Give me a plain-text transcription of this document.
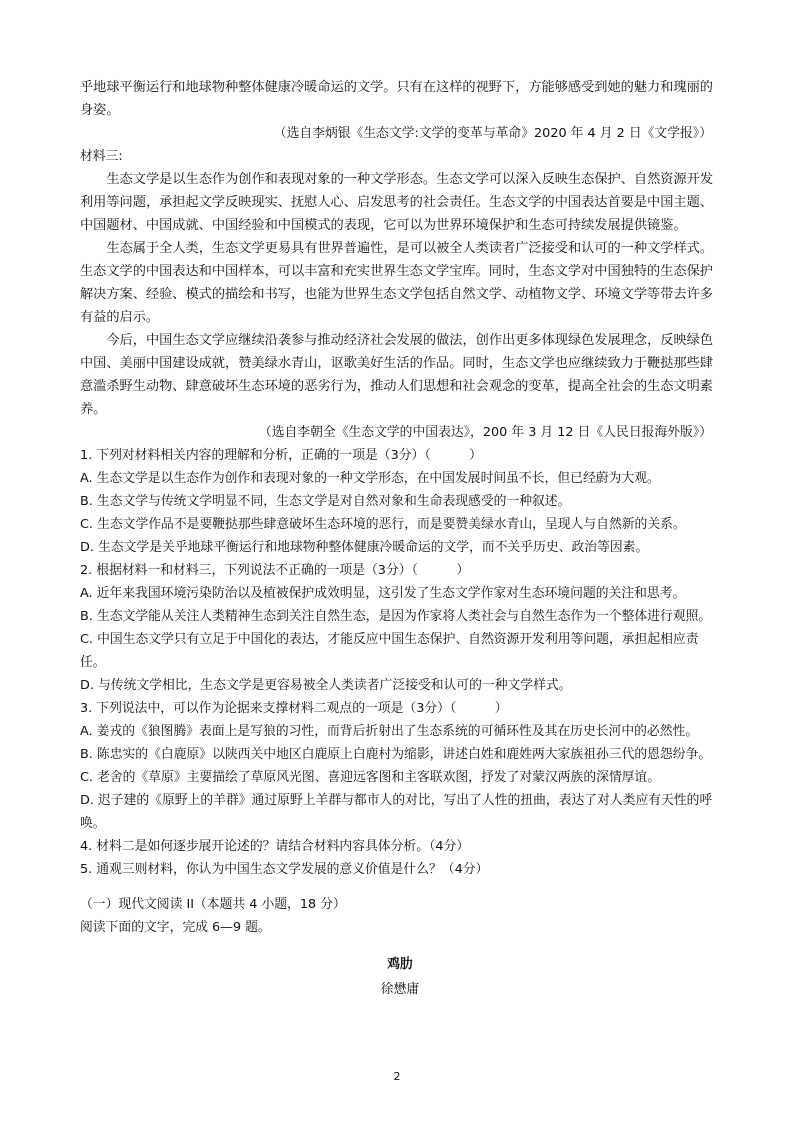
乎地球平衡运行和地球物种整体健康冷暖命运的文学。只有在这样的视野下，方能够感受到她的魅力和瑰丽的身姿。

（选自李炳银《生态文学:文学的变革与革命》2020 年 4 月 2 日《文学报》）

材料三:

生态文学是以生态作为创作和表现对象的一种文学形态。生态文学可以深入反映生态保护、自然资源开发利用等问题，承担起文学反映现实、抚慰人心、启发思考的社会责任。生态文学的中国表达首要是中国主题、中国题材、中国成就、中国经验和中国模式的表现，它可以为世界环境保护和生态可持续发展提供镜鉴。

生态属于全人类，生态文学更易具有世界普遍性，是可以被全人类读者广泛接受和认可的一种文学样式。生态文学的中国表达和中国样本，可以丰富和充实世界生态文学宝库。同时，生态文学对中国独特的生态保护解决方案、经验、模式的描绘和书写，也能为世界生态文学包括自然文学、动植物文学、环境文学等带去许多有益的启示。

今后，中国生态文学应继续沿袭参与推动经济社会发展的做法，创作出更多体现绿色发展理念，反映绿色中国、美丽中国建设成就，赞美绿水青山，讴歌美好生活的作品。同时，生态文学也应继续致力于鞭挞那些肆意滥杀野生动物、肆意破坏生态环境的恶劣行为，推动人们思想和社会观念的变革，提高全社会的生态文明素养。

（选自李朝全《生态文学的中国表达》，200 年 3 月 12 日《人民日报海外版》）

1. 下列对材料相关内容的理解和分析，正确的一项是（3分）（　　　）

A. 生态文学是以生态作为创作和表现对象的一种文学形态，在中国发展时间虽不长，但已经蔚为大观。

B. 生态文学与传统文学明显不同，生态文学是对自然对象和生命表现感受的一种叙述。

C. 生态文学作品不是要鞭挞那些肆意破坏生态环境的恶行，而是要赞美绿水青山，呈现人与自然新的关系。

D. 生态文学是关乎地球平衡运行和地球物种整体健康冷暖命运的文学，而不关乎历史、政治等因素。

2. 根据材料一和材料三，下列说法不正确的一项是（3分）（　　　）

A. 近年来我国环境污染防治以及植被保护成效明显，这引发了生态文学作家对生态环境问题的关注和思考。

B. 生态文学能从关注人类精神生态到关注自然生态，是因为作家将人类社会与自然生态作为一个整体进行观照。

C. 中国生态文学只有立足于中国化的表达，才能反应中国生态保护、自然资源开发利用等问题，承担起相应责任。

D. 与传统文学相比，生态文学是更容易被全人类读者广泛接受和认可的一种文学样式。

3. 下列说法中，可以作为论据来支撑材料二观点的一项是（3分）（　　　）

A. 姜戎的《狼图腾》表面上是写狼的习性，而背后折射出了生态系统的可循环性及其在历史长河中的必然性。

B. 陈忠实的《白鹿原》以陕西关中地区白鹿原上白鹿村为缩影，讲述白姓和鹿姓两大家族祖孙三代的恩怨纷争。

C. 老舍的《草原》主要描绘了草原风光图、喜迎远客图和主客联欢图，抒发了对蒙汉两族的深情厚谊。

D. 迟子建的《原野上的羊群》通过原野上羊群与都市人的对比，写出了人性的扭曲，表达了对人类应有天性的呼唤。

4. 材料二是如何逐步展开论述的？请结合材料内容具体分析。（4分）

5. 通观三则材料，你认为中国生态文学发展的意义价值是什么？（4分）

（一）现代文阅读 II（本题共 4 小题，18 分）

阅读下面的文字，完成 6—9 题。

鸡肋

徐懋庸

2
